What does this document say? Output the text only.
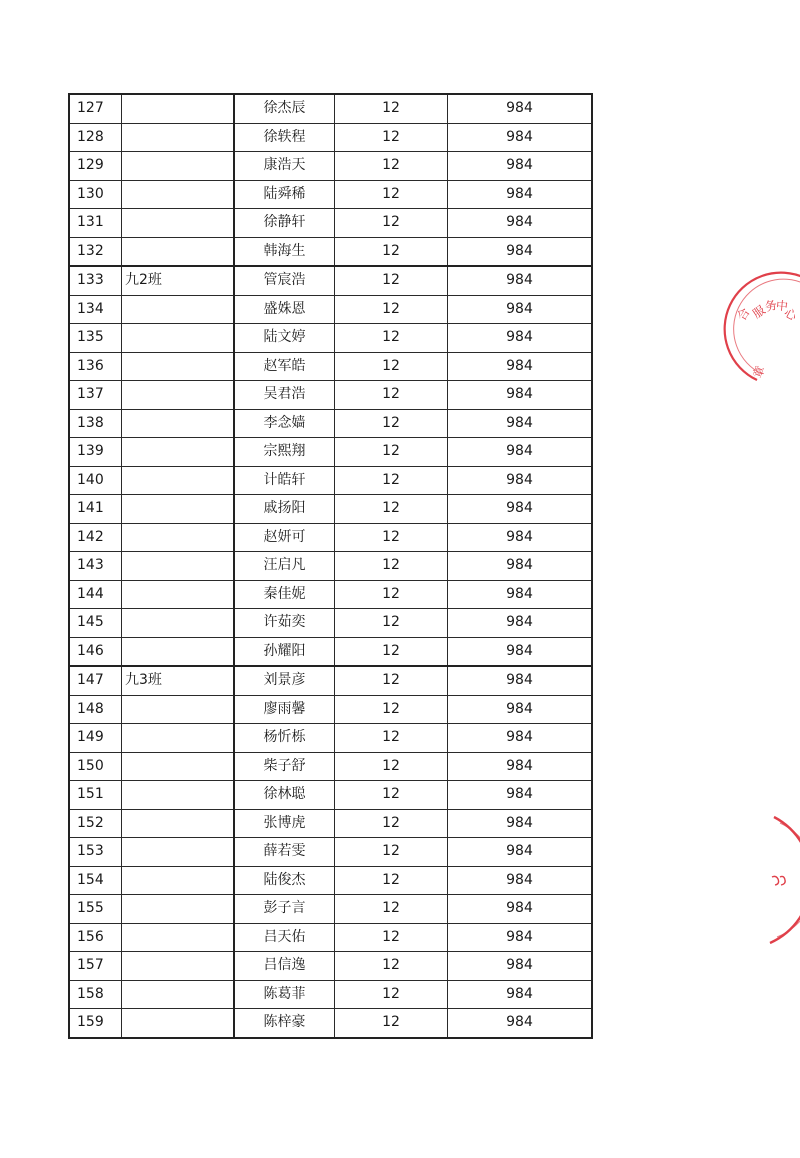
127		徐杰辰	12	984
128		徐轶程	12	984
129		康浩天	12	984
130		陆舜稀	12	984
131		徐静轩	12	984
132		韩海生	12	984
133	九2班	管宸浩	12	984
134		盛姝恩	12	984
135		陆文婷	12	984
136		赵军皓	12	984
137		吴君浩	12	984
138		李念嫱	12	984
139		宗熙翔	12	984
140		计皓轩	12	984
141		戚扬阳	12	984
142		赵妍可	12	984
143		汪启凡	12	984
144		秦佳妮	12	984
145		许茹奕	12	984
146		孙耀阳	12	984
147	九3班	刘景彦	12	984
148		廖雨馨	12	984
149		杨忻栎	12	984
150		柴子舒	12	984
151		徐林聪	12	984
152		张博虎	12	984
153		薛若雯	12	984
154		陆俊杰	12	984
155		彭子言	12	984
156		吕天佑	12	984
157		吕信逸	12	984
158		陈葛菲	12	984
159		陈梓豪	12	984
合
服
务
中
心
章
